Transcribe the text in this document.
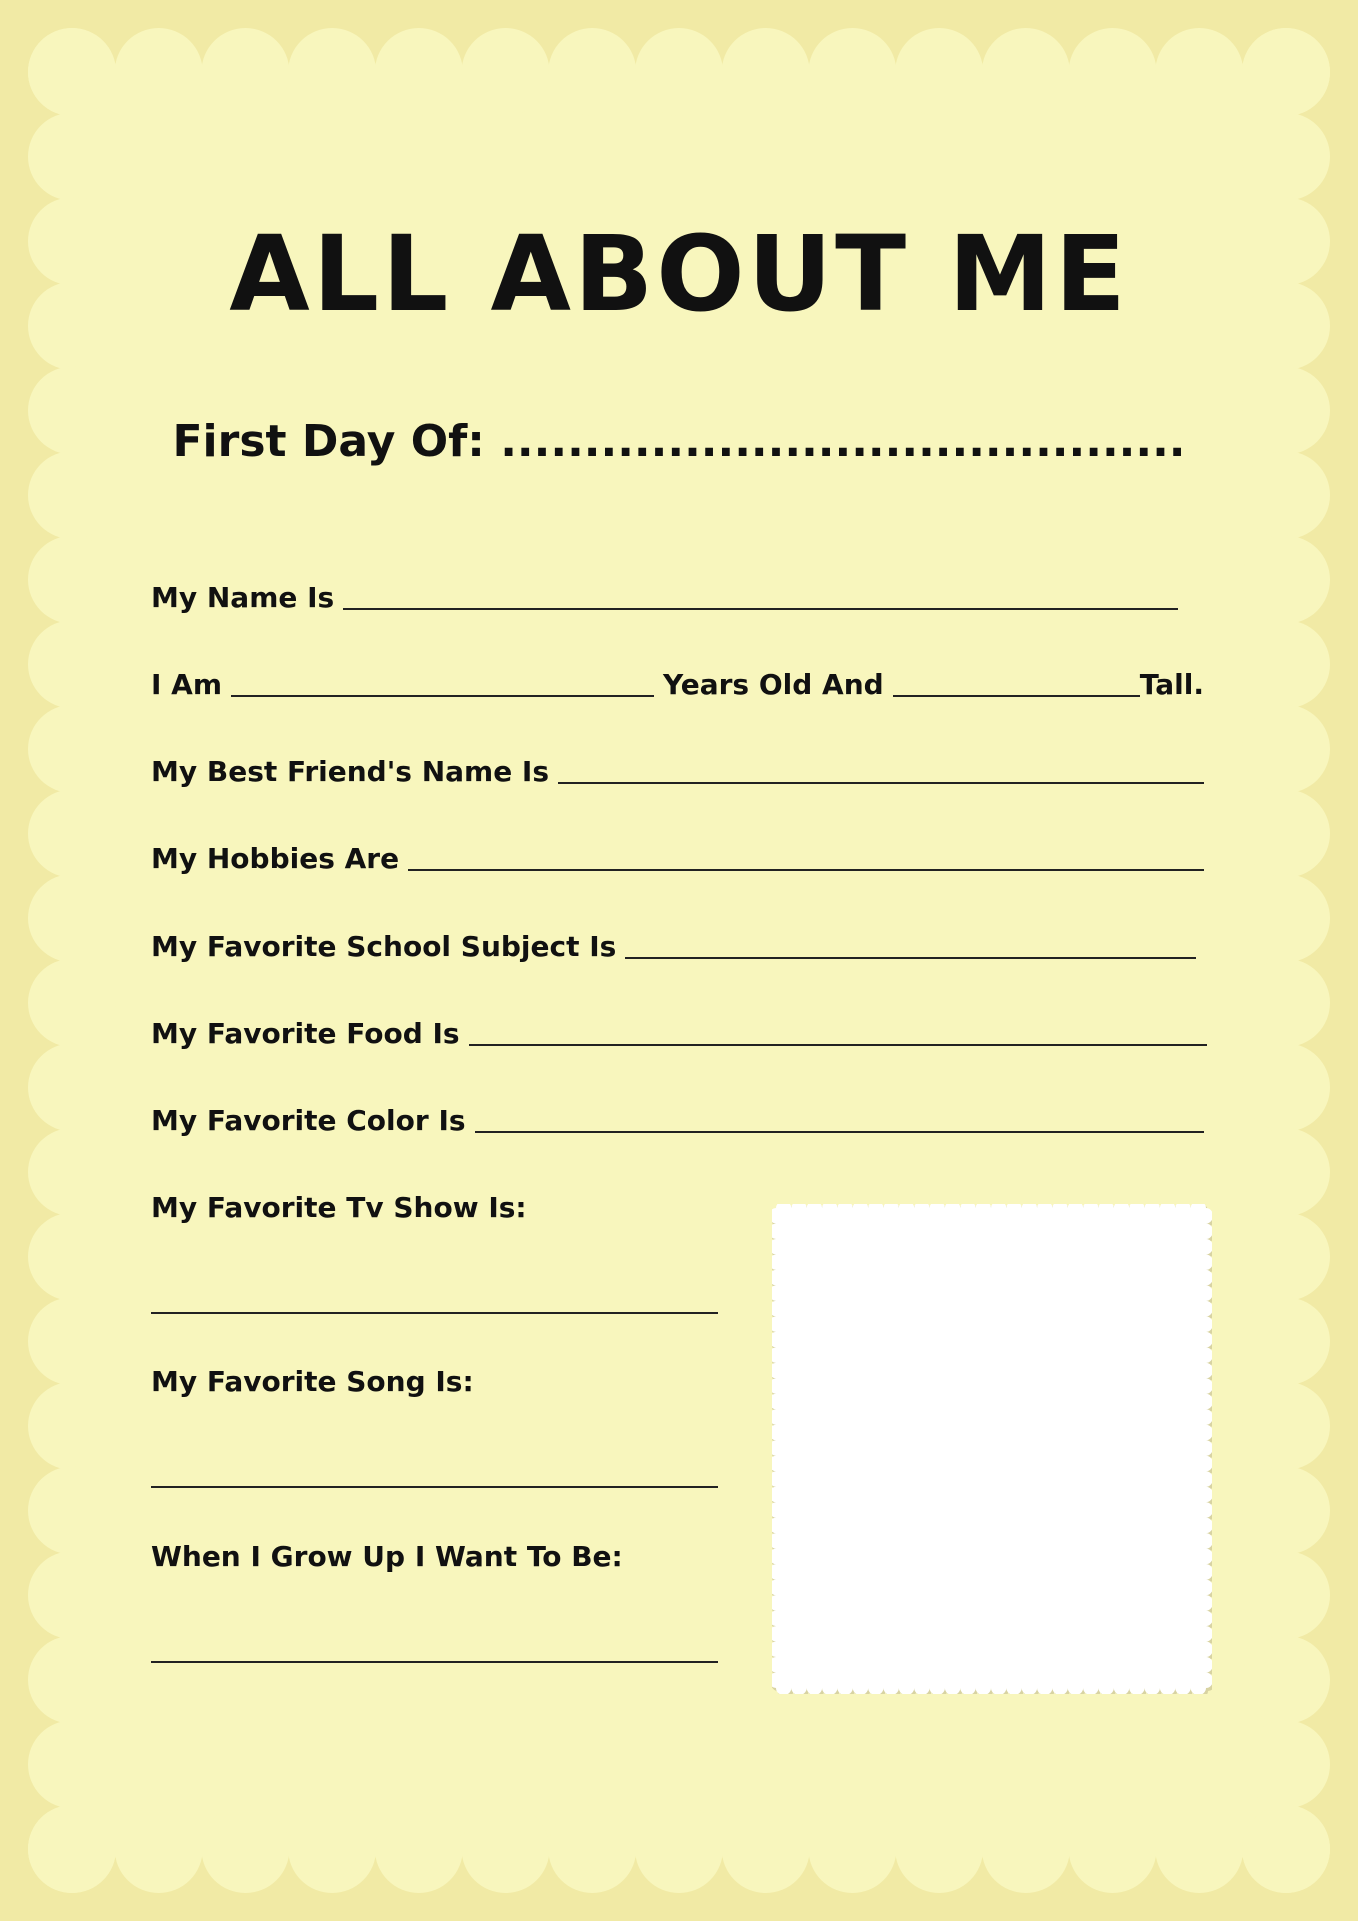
ALL ABOUT ME
First Day Of: .........................................
My Name Is
I Am	Years Old And	Tall.
My Best Friend's Name Is
My Hobbies Are
My Favorite School Subject Is
My Favorite Food Is
My Favorite Color Is
My Favorite Tv Show Is:
My Favorite Song Is:
When I Grow Up I Want To Be:
